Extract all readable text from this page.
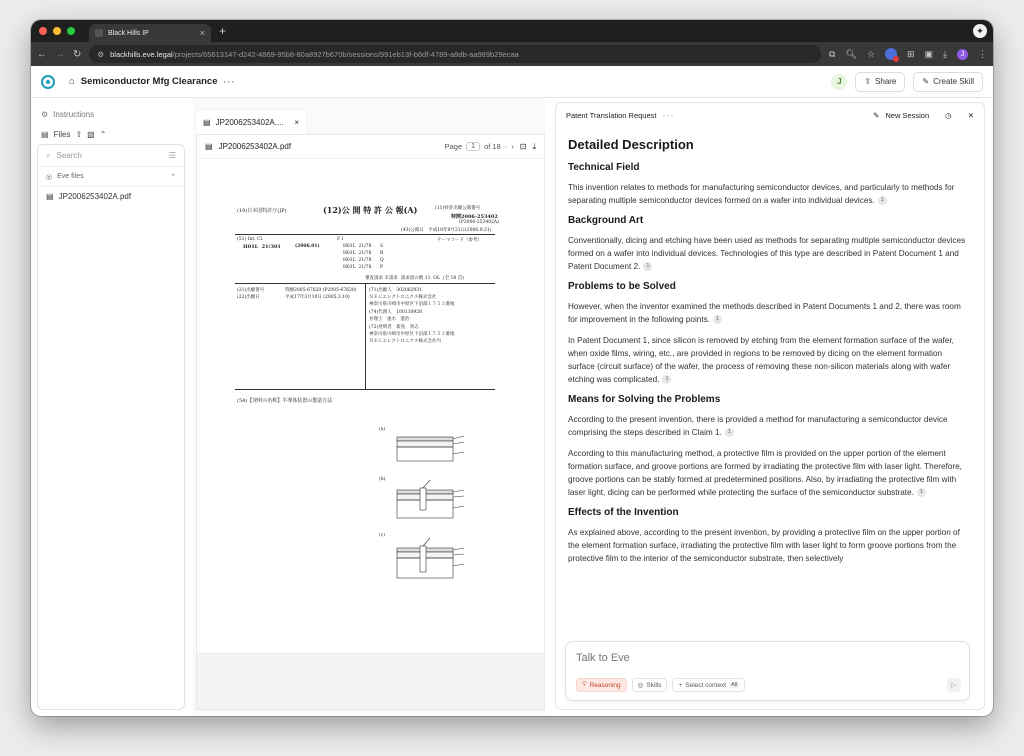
Black Hills IP	× +	✦
← → ↻ ⚙ blackhills.eve.legal/projects/65613147-d242-4869-95b8-80a8927b670b/sessions/991eb13f-b6df-4789-a8db-aa989b29ecaa	⧉ 🔍︎ ☆	⊞ ▣ ⤓	J	⋮
⌂ Semiconductor Mfg Clearance ···	J	⇪ Share	✎ Create Skill
⚙ Instructions
▤ Files ⇪ ▧ ⌃
⌕ Search	☰
◎ Eve files	⌃
▤ JP2006253402A.pdf
▤ JP2006253402A....	×
▤ JP2006253402A.pdf	Page	1	of 18 ‹ › ⊡ ⤓
(19)日本国特許庁(JP)	(12)公 開 特 許 公 報(A)	(11)特許出願公開番号
特開2006-253402
(P2006-253402A)
(43)公開日　平成18年9月21日(2006.9.21)
(51) Int. Cl.
H01L  21/301	(2006.01)
F I
H01L  21/78      S
H01L  21/78      B
H01L  21/78      Q
H01L  21/78      P
テーマコード（参考）
審査請求 未請求  請求項の数 11  OL  (全 18 頁)
(21)出願番号	特願2005-67620 (P2005-67620)
(22)出願日	平成17年3月10日 (2005.3.10)
(71)出願人　302062931
ＮＥＣエレクトロニクス株式会社
神奈川県川崎市中原区下沼部１７５３番地
(74)代理人　100110928
弁理士　速水　進治
(72)発明者　新島　勇志
神奈川県川崎市中原区下沼部１７５３番地
ＮＥＣエレクトロニクス株式会社内
(54)【発明の名称】半導体装置の製造方法
(a)
(b)
(c)
Patent Translation Request ···	✎ New Session ◷ ✕
Detailed Description
Technical Field

This invention relates to methods for manufacturing semiconductor devices, and particularly to methods for separating multiple semiconductor devices formed on a wafer into individual devices. 1

Background Art

Conventionally, dicing and etching have been used as methods for separating multiple semiconductor devices formed on a wafer into individual devices. Technologies of this type are described in Patent Document 1 and Patent Document 2. 1

Problems to be Solved

However, when the inventor examined the methods described in Patent Documents 1 and 2, there was room for improvement in the following points. 1

In Patent Document 1, since silicon is removed by etching from the element formation surface of the wafer, when oxide films, wiring, etc., are provided in regions to be removed by dicing on the element formation surface (circuit surface) of the wafer, the process of removing these non-silicon materials along with wafer etching was complicated. 1

Means for Solving the Problems

According to the present invention, there is provided a method for manufacturing a semiconductor device comprising the steps described in Claim 1. 1

According to this manufacturing method, a protective film is provided on the upper portion of the element formation surface, and groove portions are formed by irradiating the protective film with laser light. Therefore, groove portions can be stably formed at predetermined positions. Also, by irradiating the protective film with laser light, dicing can be performed while protecting the surface of the semiconductor substrate. 1

Effects of the Invention

As explained above, according to the present invention, by providing a protective film on the upper portion of the element formation surface, irradiating the protective film with laser light to form groove portions from the protective film to the interior of the semiconductor substrate, then selectively

Talk to Eve
💡︎ Reasoning	◎ Skills	+ Select context All	▷
